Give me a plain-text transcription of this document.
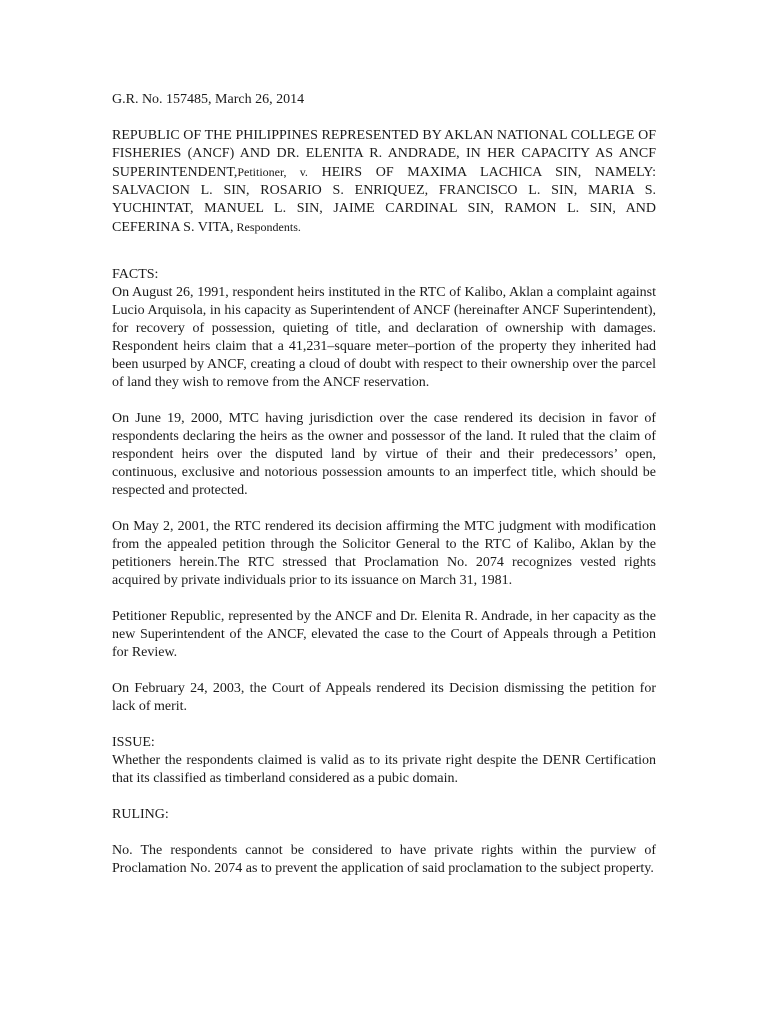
G.R. No. 157485, March 26, 2014

REPUBLIC OF THE PHILIPPINES REPRESENTED BY AKLAN NATIONAL COLLEGE OF FISHERIES (ANCF) AND DR. ELENITA R. ANDRADE, IN HER CAPACITY AS ANCF SUPERINTENDENT,Petitioner, v. HEIRS OF MAXIMA LACHICA SIN, NAMELY: SALVACION L. SIN, ROSARIO S. ENRIQUEZ, FRANCISCO L. SIN, MARIA S. YUCHINTAT, MANUEL L. SIN, JAIME CARDINAL SIN, RAMON L. SIN, AND CEFERINA S. VITA, Respondents.

FACTS:

On August 26, 1991, respondent heirs instituted in the RTC of Kalibo, Aklan a complaint against Lucio Arquisola, in his capacity as Superintendent of ANCF (hereinafter ANCF Superintendent), for recovery of possession, quieting of title, and declaration of ownership with damages. Respondent heirs claim that a 41,231–square meter–portion of the property they inherited had been usurped by ANCF, creating a cloud of doubt with respect to their ownership over the parcel of land they wish to remove from the ANCF reservation.

On June 19, 2000, MTC having jurisdiction over the case rendered its decision in favor of respondents declaring the heirs as the owner and possessor of the land. It ruled that the claim of respondent heirs over the disputed land by virtue of their and their predecessors’ open, continuous, exclusive and notorious possession amounts to an imperfect title, which should be respected and protected.

On May 2, 2001, the RTC rendered its decision affirming the MTC judgment with modification from the appealed petition through the Solicitor General to the RTC of Kalibo, Aklan by the petitioners herein.The RTC stressed that Proclamation No. 2074 recognizes vested rights acquired by private individuals prior to its issuance on March 31, 1981.

Petitioner Republic, represented by the ANCF and Dr. Elenita R. Andrade, in her capacity as the new Superintendent of the ANCF, elevated the case to the Court of Appeals through a Petition for Review.

On February 24, 2003, the Court of Appeals rendered its Decision dismissing the petition for lack of merit.

ISSUE:

Whether the respondents claimed is valid as to its private right despite the DENR Certification that its classified as timberland considered as a pubic domain.

RULING:

No. The respondents cannot be considered to have private rights within the purview of Proclamation No. 2074 as to prevent the application of said proclamation to the subject property.
